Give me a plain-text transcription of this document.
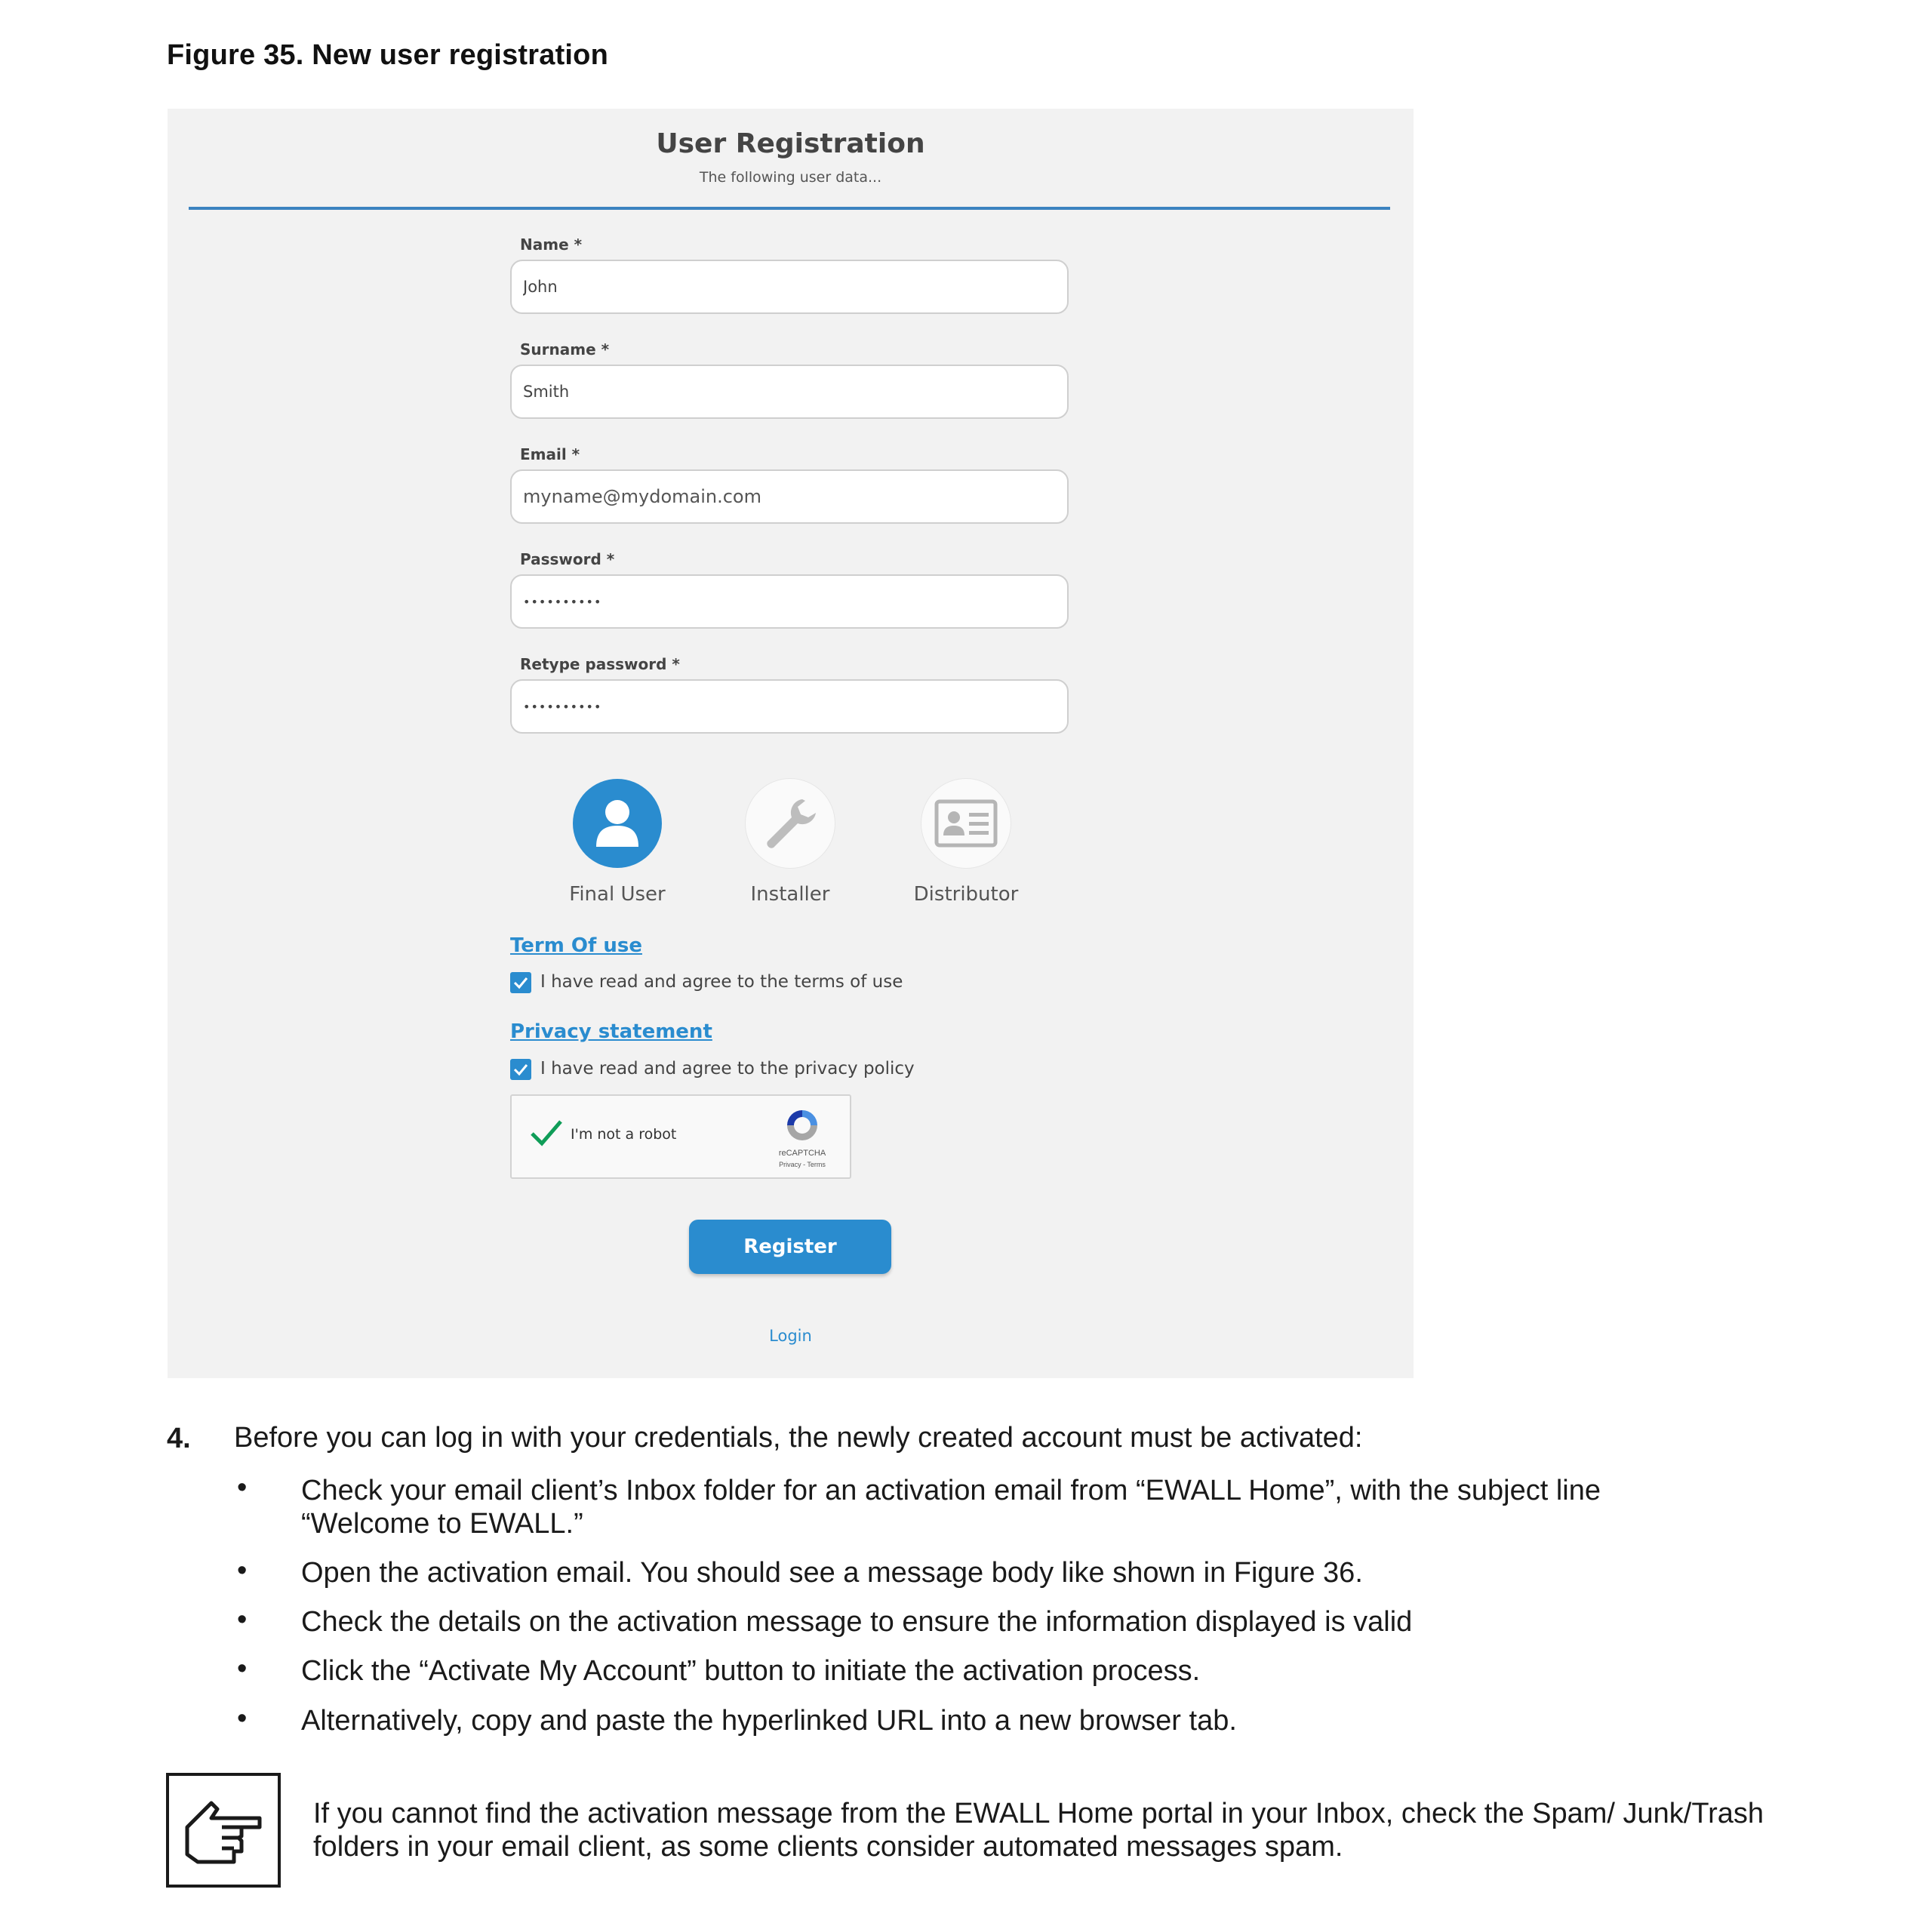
Figure 35. New user registration
User Registration
The following user data...
Name *
John
Surname *
Smith
Email *
myname@mydomain.com
Password *
••••••••••
Retype password *
••••••••••
Final User	Installer	Distributor
Term Of use
I have read and agree to the terms of use
Privacy statement
I have read and agree to the privacy policy
I'm not a robot
reCAPTCHA
Privacy - Terms
Register
Login
4. Before you can log in with your credentials, the newly created account must be activated:
• Check your email client’s Inbox folder for an activation email from “EWALL Home”, with the subject line “Welcome to EWALL.”
• Open the activation email. You should see a message body like shown in Figure 36.
• Check the details on the activation message to ensure the information displayed is valid
• Click the “Activate My Account” button to initiate the activation process.
• Alternatively, copy and paste the hyperlinked URL into a new browser tab.
If you cannot find the activation message from the EWALL Home portal in your Inbox, check the Spam/ Junk/Trash folders in your email client, as some clients consider automated messages spam.
